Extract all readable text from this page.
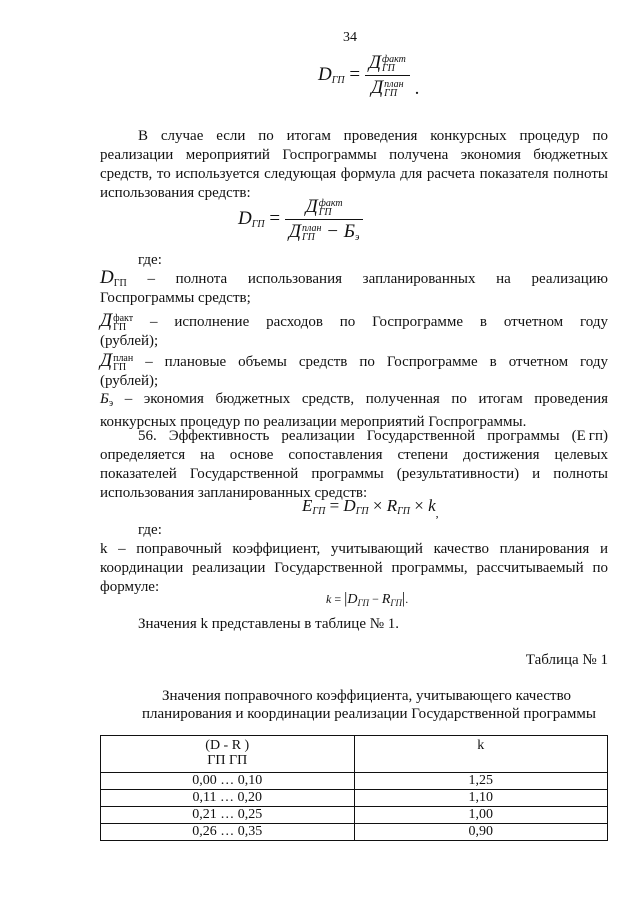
34
$D_{ГП}$ =
Дфакт
ГП
Дплан
ГП .
В случае если по итогам проведения конкурсных процедур по реализации мероприятий Госпрограммы получена экономия бюджетных средств, то используется следующая формула для расчета показателя полноты использования средств:
$D_{ГП}$ =
Дфакт
ГП
Дплан
ГП − $Б_э$
где:
$D_{ГП}$ – полнота использования запланированных на реализацию
Госпрограммы средств;
Дфакт
ГП – исполнение расходов по Госпрограмме в отчетном году
(рублей);
Дплан
ГП – плановые объемы средств по Госпрограмме в отчетном году
(рублей);
$Б_э$ – экономия бюджетных средств, полученная по итогам проведения конкурсных процедур по реализации мероприятий Госпрограммы.
56. Эффективность реализации Государственной программы (Е гп) определяется на основе сопоставления степени достижения целевых показателей Государственной программы (результативности) и полноты использования запланированных средств:
$E_{ГП} = D_{ГП} \times R_{ГП} \times k_,$
где:
k – поправочный коэффициент, учитывающий качество планирования и координации реализации Государственной программы, рассчитываемый по формуле:
$k = |D_{ГП} - R_{ГП}|$.
Значения k представлены в таблице № 1.
Таблица № 1
Значения поправочного коэффициента, учитывающего качество
планирования и координации реализации Государственной программы
(D - R )
ГП ГП	k
0,00 … 0,10	1,25
0,11 … 0,20	1,10
0,21 … 0,25	1,00
0,26 … 0,35	0,90
